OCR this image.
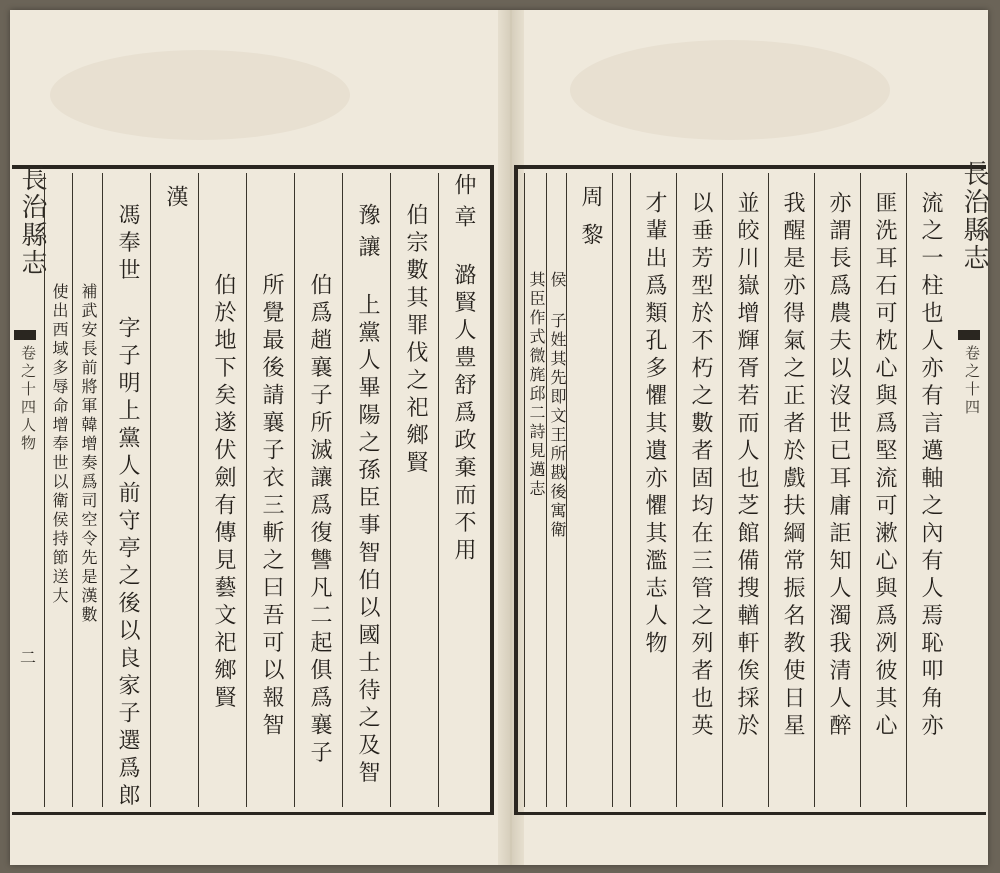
長治縣志
卷之十四人物
二
仲
章 潞賢人豊舒爲政棄而不用
伯宗數其罪伐之祀鄉賢
豫
讓 上黨人畢陽之孫臣事智伯以國士待之及智
伯爲趙襄子所滅讓爲復讐凡二起俱爲襄子
所覺最後請襄子衣三斬之曰吾可以報智
伯於地下矣遂伏劍有傳見藝文祀鄉賢
漢
馮奉世 字子明上黨人前守亭之後以良家子選爲郎
補武安長前將軍韓增奏爲司空令先是漢數
使出西域多辱命增奉世以衛侯持節送大
長治縣志
卷之十四
流之一柱也人亦有言邁軸之內有人焉恥叩角亦
匪洗耳石可枕心與爲堅流可漱心與爲冽彼其心
亦謂長爲農夫以沒世已耳庸詎知人濁我清人醉
我醒是亦得氣之正者於戲扶綱常振名教使日星
並皎川嶽增輝胥若而人也芝館備搜輶軒俟採於
以垂芳型於不朽之數者固均在三管之列者也英
才輩出爲類孔多懼其遺亦懼其濫志人物
周
黎
侯 子姓其先即文王所戡後寓衛
其臣作式微旄邱二詩見邁志
